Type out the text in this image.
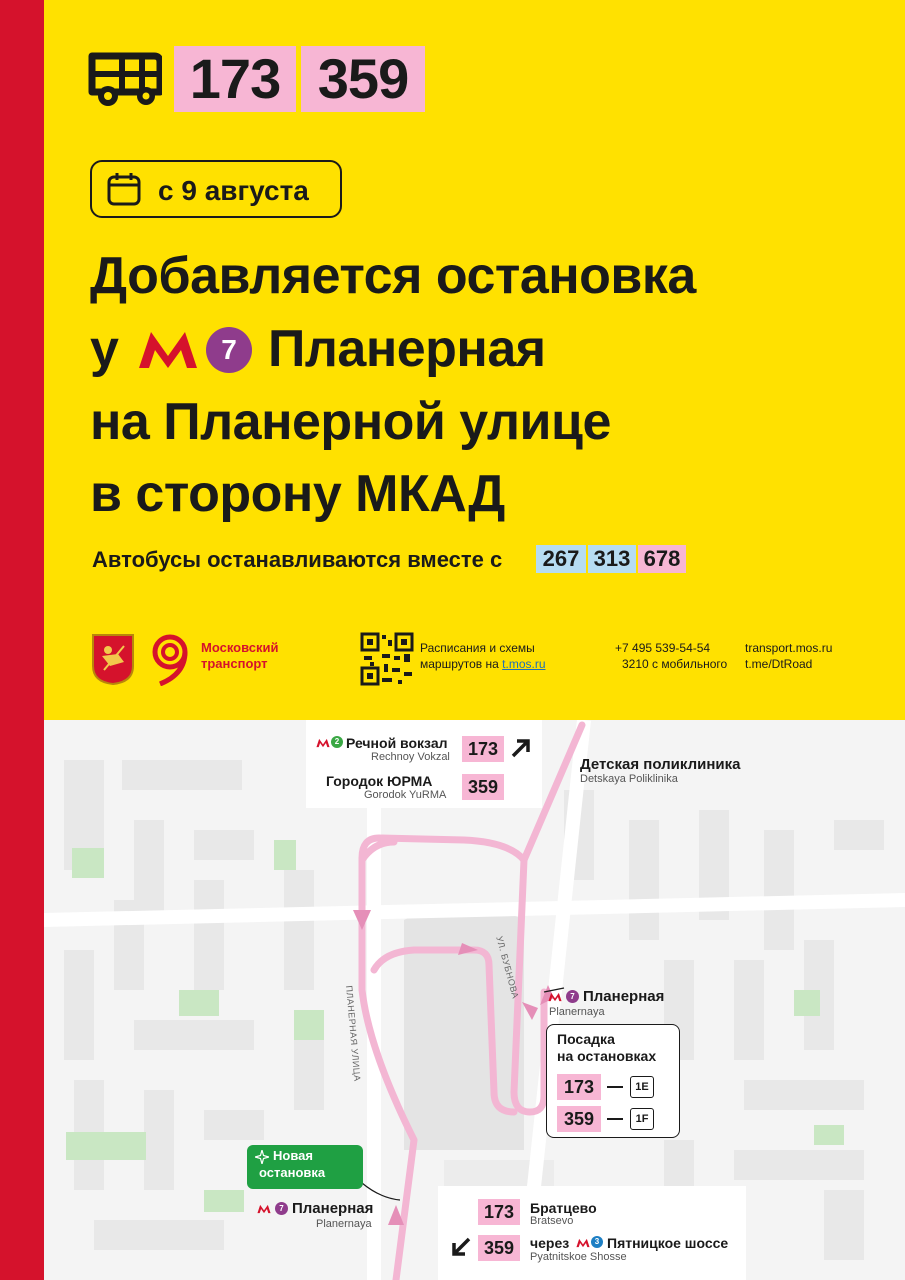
173 359
с 9 августа
Добавляется остановка
у	7 Планерная
на Планерной улице
в сторону МКАД
Автобусы останавливаются вместе с	267 313 678
Московский
транспорт
Расписания и схемы
маршрутов на t.mos.ru
+7 495 539-54-54
3210 с мобильного
transport.mos.ru
t.me/DtRoad
ПЛАНЕРНАЯ УЛИЦА
УЛ. БУБНОВА
2 Речной вокзал
Rechnoy Vokzal	173
Городок ЮРМА
Gorodok YuRMA	359
Детская поликлиника
Detskaya Poliklinika
7 Планерная
Planernaya
Посадка
на остановках
173	1E
359	1F
Новая
остановка
7 Планерная
Planernaya
173	Братцево
Bratsevo
359	через	3 Пятницкое шоссе
Pyatnitskoe Shosse
